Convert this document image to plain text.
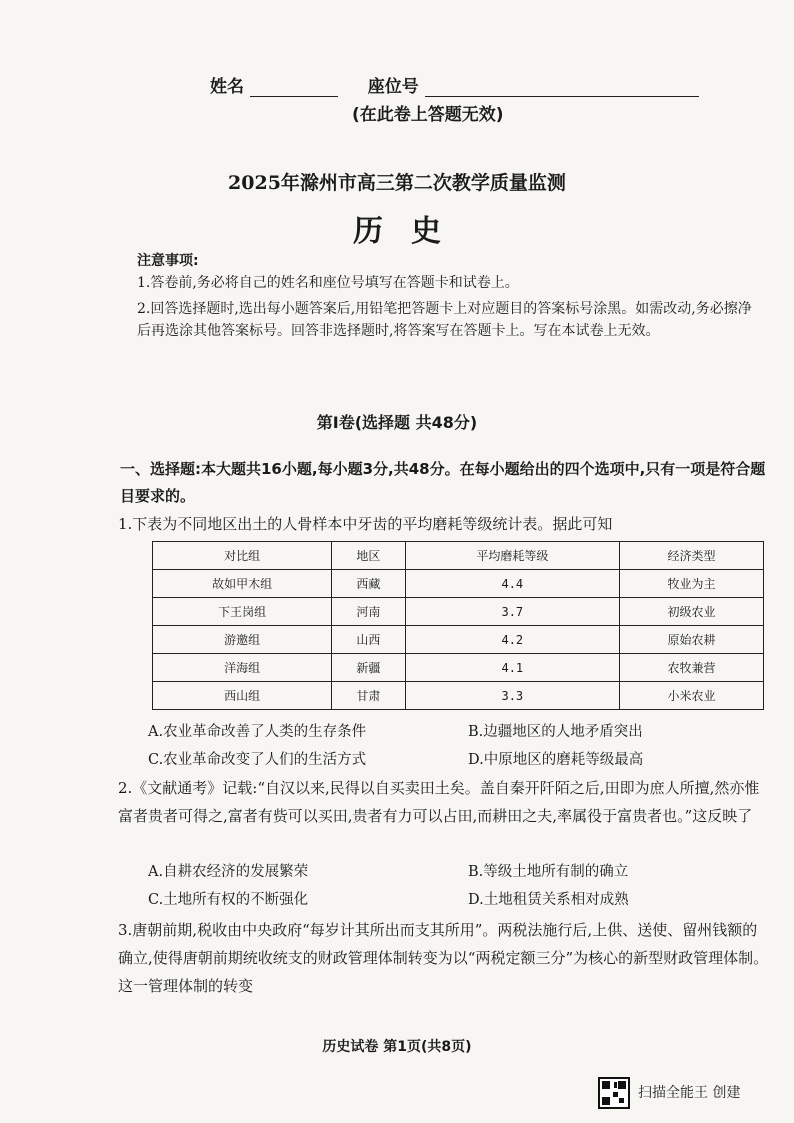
姓名	座位号
(在此卷上答题无效)
2025年滁州市高三第二次教学质量监测
历史
注意事项:
1.答卷前,务必将自己的姓名和座位号填写在答题卡和试卷上。
2.回答选择题时,选出每小题答案后,用铅笔把答题卡上对应题目的答案标号涂黑。如需改动,务必擦净后再选涂其他答案标号。回答非选择题时,将答案写在答题卡上。写在本试卷上无效。
第Ⅰ卷(选择题 共48分)
一、选择题:本大题共16小题,每小题3分,共48分。在每小题给出的四个选项中,只有一项是符合题目要求的。
1.下表为不同地区出土的人骨样本中牙齿的平均磨耗等级统计表。据此可知
对比组	地区	平均磨耗等级	经济类型
故如甲木组	西藏	4.4	牧业为主
下王岗组	河南	3.7	初级农业
游邀组	山西	4.2	原始农耕
洋海组	新疆	4.1	农牧兼营
西山组	甘肃	3.3	小米农业
A.农业革命改善了人类的生存条件	B.边疆地区的人地矛盾突出
C.农业革命改变了人们的生活方式	D.中原地区的磨耗等级最高
2.《文献通考》记载:“自汉以来,民得以自买卖田土矣。盖自秦开阡陌之后,田即为庶人所擅,然亦惟富者贵者可得之,富者有赀可以买田,贵者有力可以占田,而耕田之夫,率属役于富贵者也。”这反映了
A.自耕农经济的发展繁荣	B.等级土地所有制的确立
C.土地所有权的不断强化	D.土地租赁关系相对成熟
3.唐朝前期,税收由中央政府“每岁计其所出而支其所用”。两税法施行后,上供、送使、留州钱额的确立,使得唐朝前期统收统支的财政管理体制转变为以“两税定额三分”为核心的新型财政管理体制。这一管理体制的转变
历史试卷 第1页(共8页)
扫描全能王 创建
